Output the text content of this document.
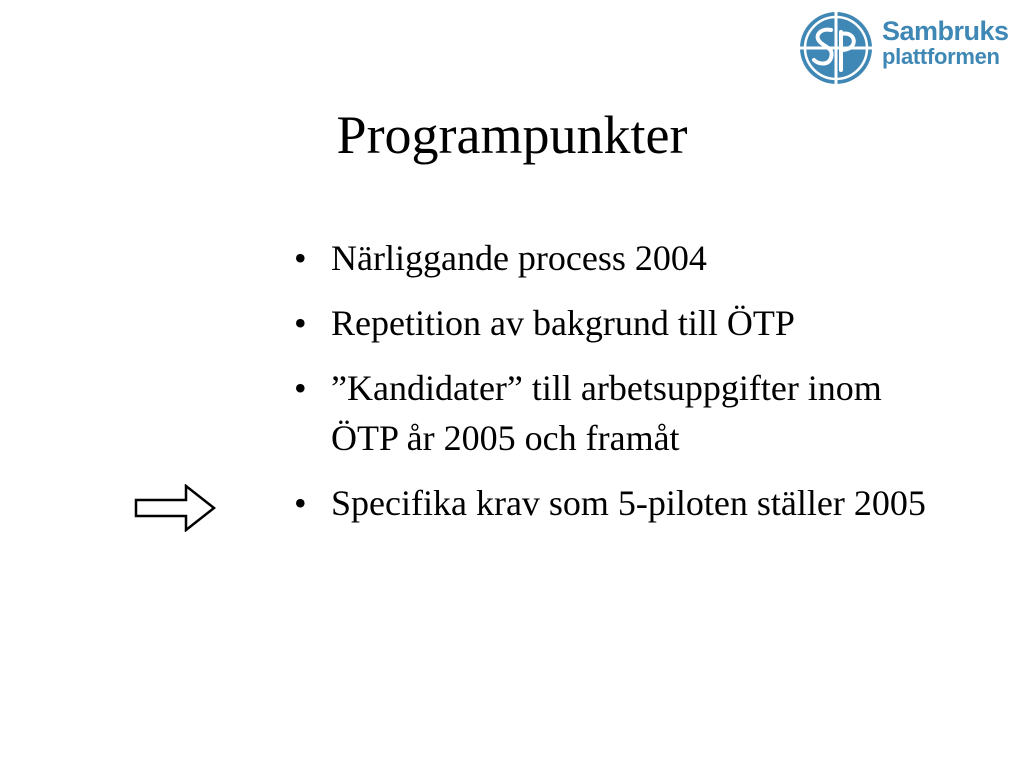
Sambruks
plattformen
Programpunkter
• Närliggande process 2004
• Repetition av bakgrund till ÖTP
• ”Kandidater” till arbetsuppgifter inom ÖTP år 2005 och framåt
• Specifika krav som 5-piloten ställer 2005
